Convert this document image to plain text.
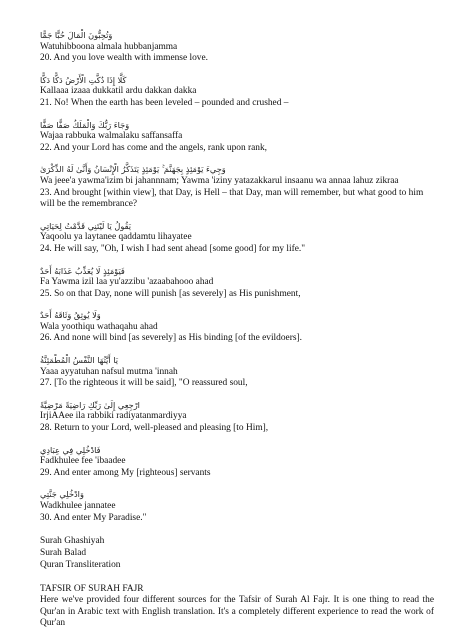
وَتُحِبُّونَ الْمَالَ حُبًّا جَمًّا
Watuhibboona almala hubbanjamma
20. And you love wealth with immense love.
كَلَّا إِذَا دُكَّتِ الْأَرْضُ دَكًّا دَكًّا
Kallaaa izaaa dukkatil ardu dakkan dakka
21. No! When the earth has been leveled – pounded and crushed –
وَجَاءَ رَبُّكَ وَالْمَلَكُ صَفًّا صَفًّا
Wajaa rabbuka walmalaku saffansaffa
22. And your Lord has come and the angels, rank upon rank,
وَجِيءَ يَوْمَئِذٍ بِجَهَنَّمَ ۚ يَوْمَئِذٍ يَتَذَكَّرُ الْإِنْسَانُ وَأَنَّىٰ لَهُ الذِّكْرَىٰ
Wa jeee'a yawma'izim bi jahannnam; Yawma 'iziny yatazakkarul insaanu wa annaa lahuz zikraa
23. And brought [within view], that Day, is Hell – that Day, man will remember, but what good to him will be the remembrance?
يَقُولُ يَا لَيْتَنِي قَدَّمْتُ لِحَيَاتِي
Yaqoolu ya laytanee qaddamtu lihayatee
24. He will say, "Oh, I wish I had sent ahead [some good] for my life."
فَيَوْمَئِذٍ لَا يُعَذِّبُ عَذَابَهُ أَحَدٌ
Fa Yawma izil laa yu'azzibu 'azaabahooo ahad
25. So on that Day, none will punish [as severely] as His punishment,
وَلَا يُوثِقُ وَثَاقَهُ أَحَدٌ
Wala yoothiqu wathaqahu ahad
26. And none will bind [as severely] as His binding [of the evildoers].
يَا أَيَّتُهَا النَّفْسُ الْمُطْمَئِنَّةُ
Yaaa ayyatuhan nafsul mutma 'innah
27. [To the righteous it will be said], "O reassured soul,
ارْجِعِي إِلَىٰ رَبِّكِ رَاضِيَةً مَرْضِيَّةً
IrjiAAee ila rabbiki radiyatanmardiyya
28. Return to your Lord, well-pleased and pleasing [to Him],
فَادْخُلِي فِي عِبَادِي
Fadkhulee fee 'ibaadee
29. And enter among My [righteous] servants
وَادْخُلِي جَنَّتِي
Wadkhulee jannatee
30. And enter My Paradise."
Surah Ghashiyah
Surah Balad
Quran Transliteration
TAFSIR OF SURAH FAJR
Here we've provided four different sources for the Tafsir of Surah Al Fajr. It is one thing to read the Qur'an in Arabic text with English translation. It's a completely different experience to read the work of Qur'an
